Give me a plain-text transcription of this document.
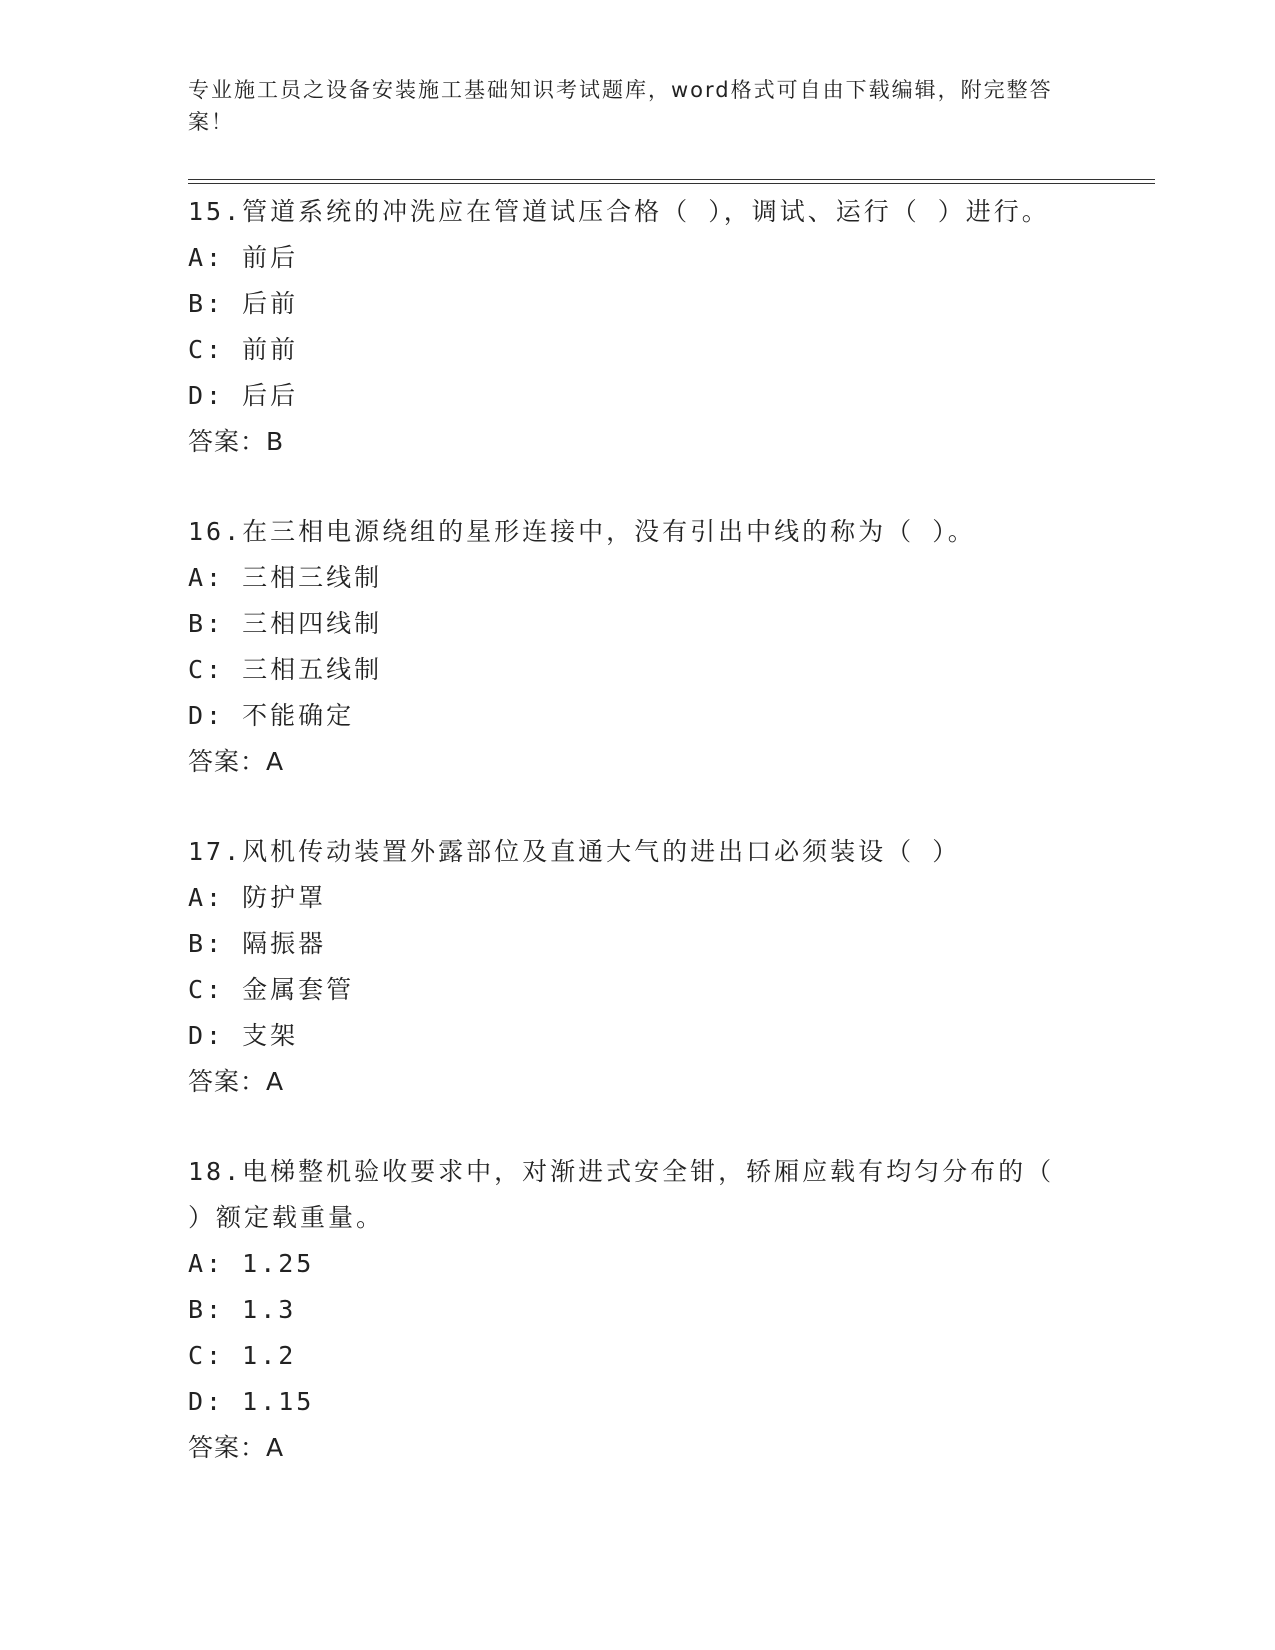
专业施工员之设备安装施工基础知识考试题库，word格式可自由下载编辑，附完整答案！
15.管道系统的冲洗应在管道试压合格（ ），调试、运行（ ）进行。
A: 前后
B: 后前
C: 前前
D: 后后
答案：B
16.在三相电源绕组的星形连接中，没有引出中线的称为（ ）。
A: 三相三线制
B: 三相四线制
C: 三相五线制
D: 不能确定
答案：A
17.风机传动装置外露部位及直通大气的进出口必须装设（ ）
A: 防护罩
B: 隔振器
C: 金属套管
D: 支架
答案：A
18.电梯整机验收要求中，对渐进式安全钳，轿厢应载有均匀分布的（ ）额定载重量。
A: 1.25
B: 1.3
C: 1.2
D: 1.15
答案：A
